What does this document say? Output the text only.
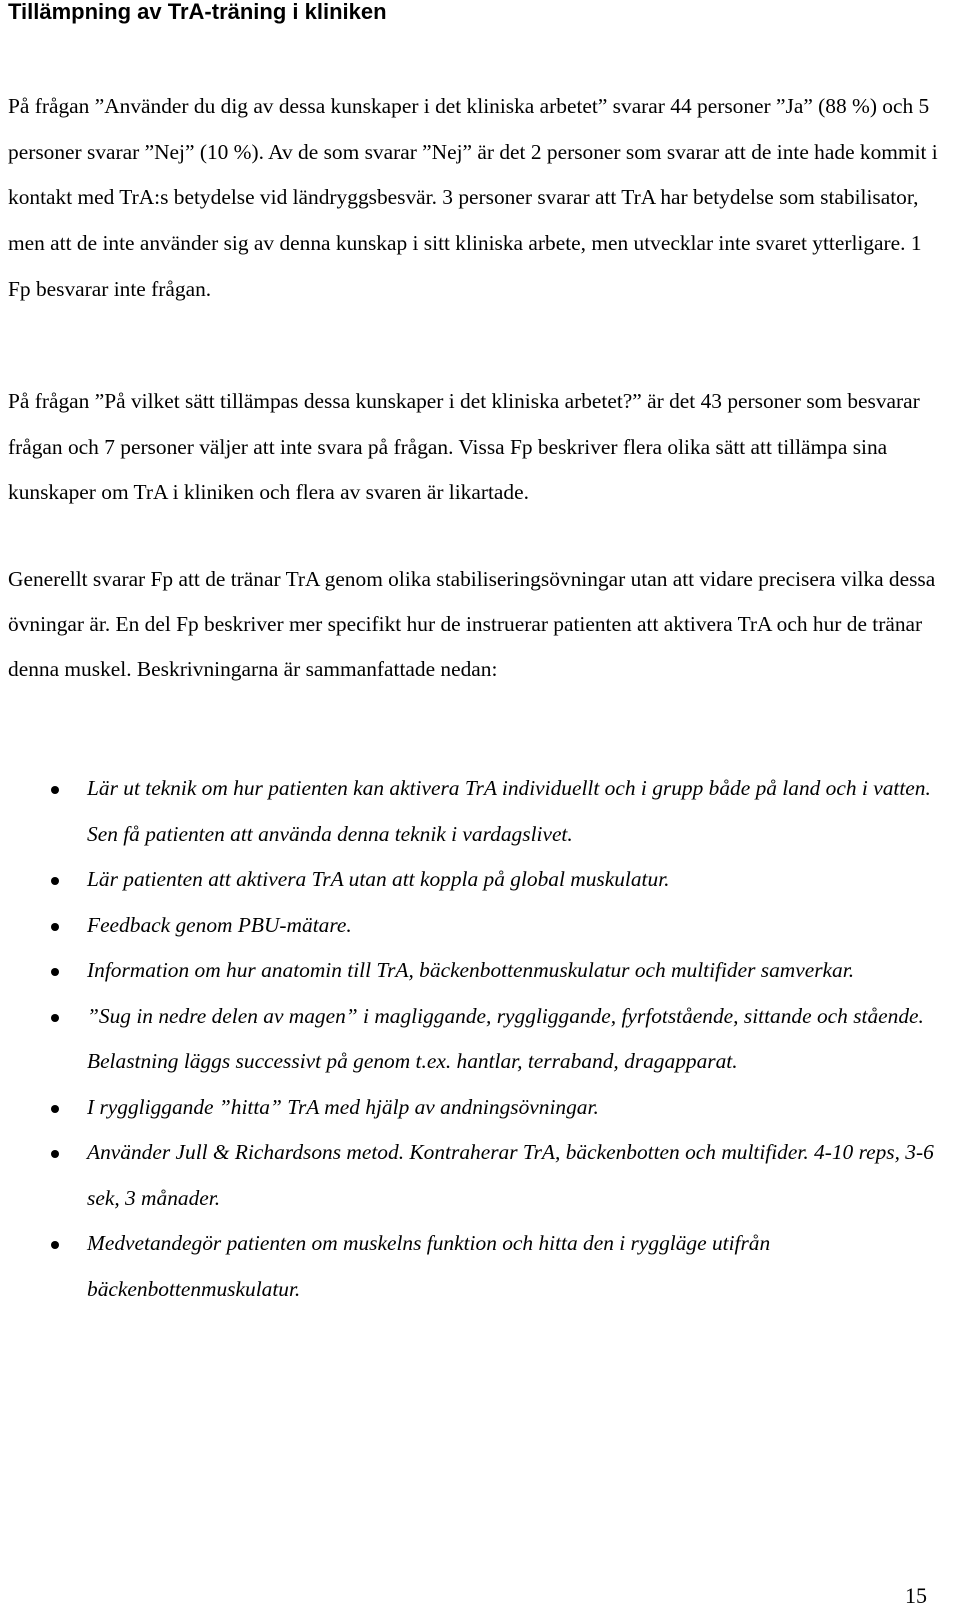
Tillämpning av TrA-träning i kliniken

På frågan ”Använder du dig av dessa kunskaper i det kliniska arbetet” svarar 44 personer ”Ja” (88 %) och 5 personer svarar ”Nej” (10 %). Av de som svarar ”Nej” är det 2 personer som svarar att de inte hade kommit i kontakt med TrA:s betydelse vid ländryggsbesvär. 3 personer svarar att TrA har betydelse som stabilisator, men att de inte använder sig av denna kunskap i sitt kliniska arbete, men utvecklar inte svaret ytterligare. 1 Fp besvarar inte frågan.

På frågan ”På vilket sätt tillämpas dessa kunskaper i det kliniska arbetet?” är det 43 personer som besvarar frågan och 7 personer väljer att inte svara på frågan. Vissa Fp beskriver flera olika sätt att tillämpa sina kunskaper om TrA i kliniken och flera av svaren är likartade.

Generellt svarar Fp att de tränar TrA genom olika stabiliseringsövningar utan att vidare precisera vilka dessa övningar är. En del Fp beskriver mer specifikt hur de instruerar patienten att aktivera TrA och hur de tränar denna muskel. Beskrivningarna är sammanfattade nedan:

Lär ut teknik om hur patienten kan aktivera TrA individuellt och i grupp både på land och i vatten. Sen få patienten att använda denna teknik i vardagslivet.
Lär patienten att aktivera TrA utan att koppla på global muskulatur.
Feedback genom PBU-mätare.
Information om hur anatomin till TrA, bäckenbottenmuskulatur och multifider samverkar.
”Sug in nedre delen av magen” i magliggande, ryggliggande, fyrfotstående, sittande och stående. Belastning läggs successivt på genom t.ex. hantlar, terraband, dragapparat.
I ryggliggande ”hitta” TrA med hjälp av andningsövningar.
Använder Jull & Richardsons metod. Kontraherar TrA, bäckenbotten och multifider. 4-10 reps, 3-6 sek, 3 månader.
Medvetandegör patienten om muskelns funktion och hitta den i ryggläge utifrån bäckenbottenmuskulatur.

15
